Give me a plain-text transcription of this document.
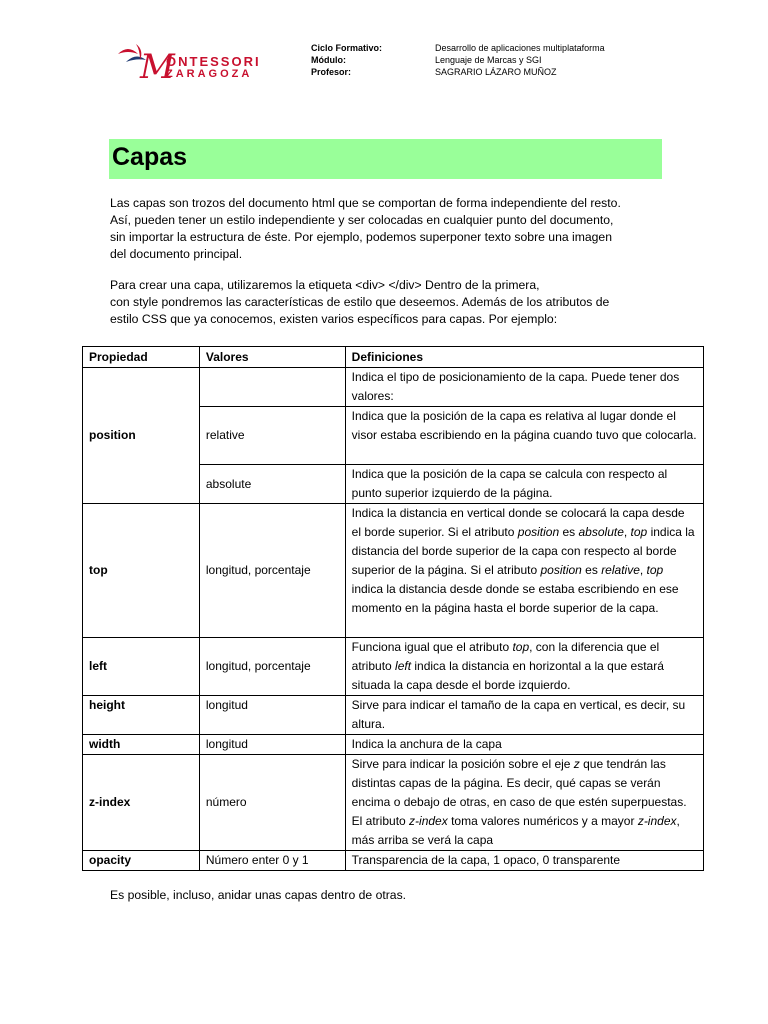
M
ONTESSORI
ZARAGOZA
Ciclo Formativo:	Desarrollo de aplicaciones multiplataforma
Módulo:	Lenguaje de Marcas y SGI
Profesor:	SAGRARIO LÁZARO MUÑOZ
Capas
Las capas son trozos del documento html que se comportan de forma independiente del resto.
Así, pueden tener un estilo independiente y ser colocadas en cualquier punto del documento,
sin importar la estructura de éste. Por ejemplo, podemos superponer texto sobre una imagen
del documento principal.
Para crear una capa, utilizaremos la etiqueta <div> </div> Dentro de la primera,
con style pondremos las características de estilo que deseemos. Además de los atributos de
estilo CSS que ya conocemos, existen varios específicos para capas. Por ejemplo:
Propiedad	Valores	Definiciones
position		Indica el tipo de posicionamiento de la capa. Puede tener dos valores:
	relative	Indica que la posición de la capa es relativa al lugar donde el visor estaba escribiendo en la página cuando tuvo que colocarla.
	absolute	Indica que la posición de la capa se calcula con respecto al punto superior izquierdo de la página.
top	longitud, porcentaje	Indica la distancia en vertical donde se colocará la capa desde el borde superior. Si el atributo position es absolute, top indica la distancia del borde superior de la capa con respecto al borde superior de la página. Si el atributo position es relative, top indica la distancia desde donde se estaba escribiendo en ese momento en la página hasta el borde superior de la capa.
left	longitud, porcentaje	Funciona igual que el atributo top, con la diferencia que el atributo left indica la distancia en horizontal a la que estará situada la capa desde el borde izquierdo.
height	longitud	Sirve para indicar el tamaño de la capa en vertical, es decir, su altura.
width	longitud	Indica la anchura de la capa
z-index	número	Sirve para indicar la posición sobre el eje z que tendrán las distintas capas de la página. Es decir, qué capas se verán encima o debajo de otras, en caso de que estén superpuestas. El atributo z-index toma valores numéricos y a mayor z-index, más arriba se verá la capa
opacity	Número enter 0 y 1	Transparencia de la capa, 1 opaco, 0 transparente
Es posible, incluso, anidar unas capas dentro de otras.
